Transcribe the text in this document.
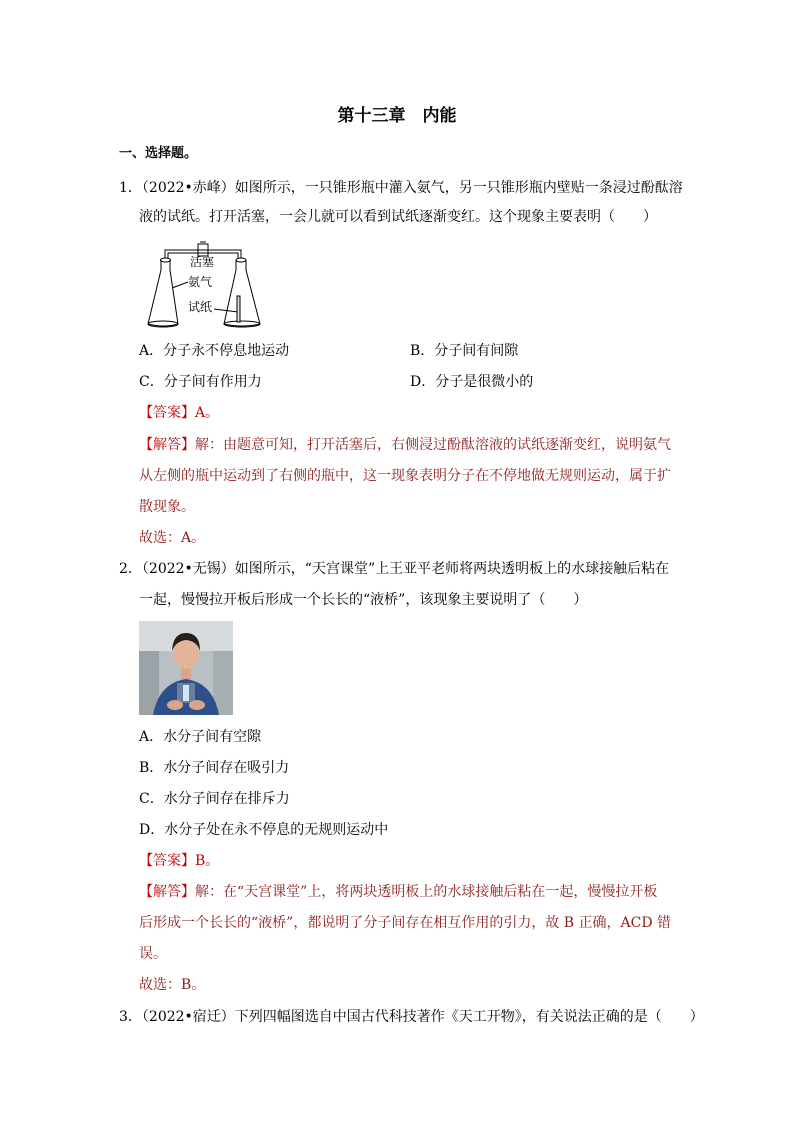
第十三章　内能
一、选择题。
1．（2022•赤峰）如图所示，一只锥形瓶中灌入氨气，另一只锥形瓶内壁贴一条浸过酚酞溶
液的试纸。打开活塞，一会儿就可以看到试纸逐渐变红。这个现象主要表明（　　）
活塞
氨气
试纸
A．分子永不停息地运动	B．分子间有间隙
C．分子间有作用力	D．分子是很微小的
【答案】A。
【解答】解：由题意可知，打开活塞后，右侧浸过酚酞溶液的试纸逐渐变红，说明氨气
从左侧的瓶中运动到了右侧的瓶中，这一现象表明分子在不停地做无规则运动，属于扩
散现象。
故选：A。
2．（2022•无锡）如图所示，“天宫课堂”上王亚平老师将两块透明板上的水球接触后粘在
一起，慢慢拉开板后形成一个长长的“液桥”，该现象主要说明了（　　）
A．水分子间有空隙
B．水分子间存在吸引力
C．水分子间存在排斥力
D．水分子处在永不停息的无规则运动中
【答案】B。
【解答】解：在“天宫课堂”上，将两块透明板上的水球接触后粘在一起，慢慢拉开板
后形成一个长长的“液桥”，都说明了分子间存在相互作用的引力，故 B 正确，ACD 错
误。
故选：B。
3．（2022•宿迁）下列四幅图选自中国古代科技著作《天工开物》，有关说法正确的是（　　）
